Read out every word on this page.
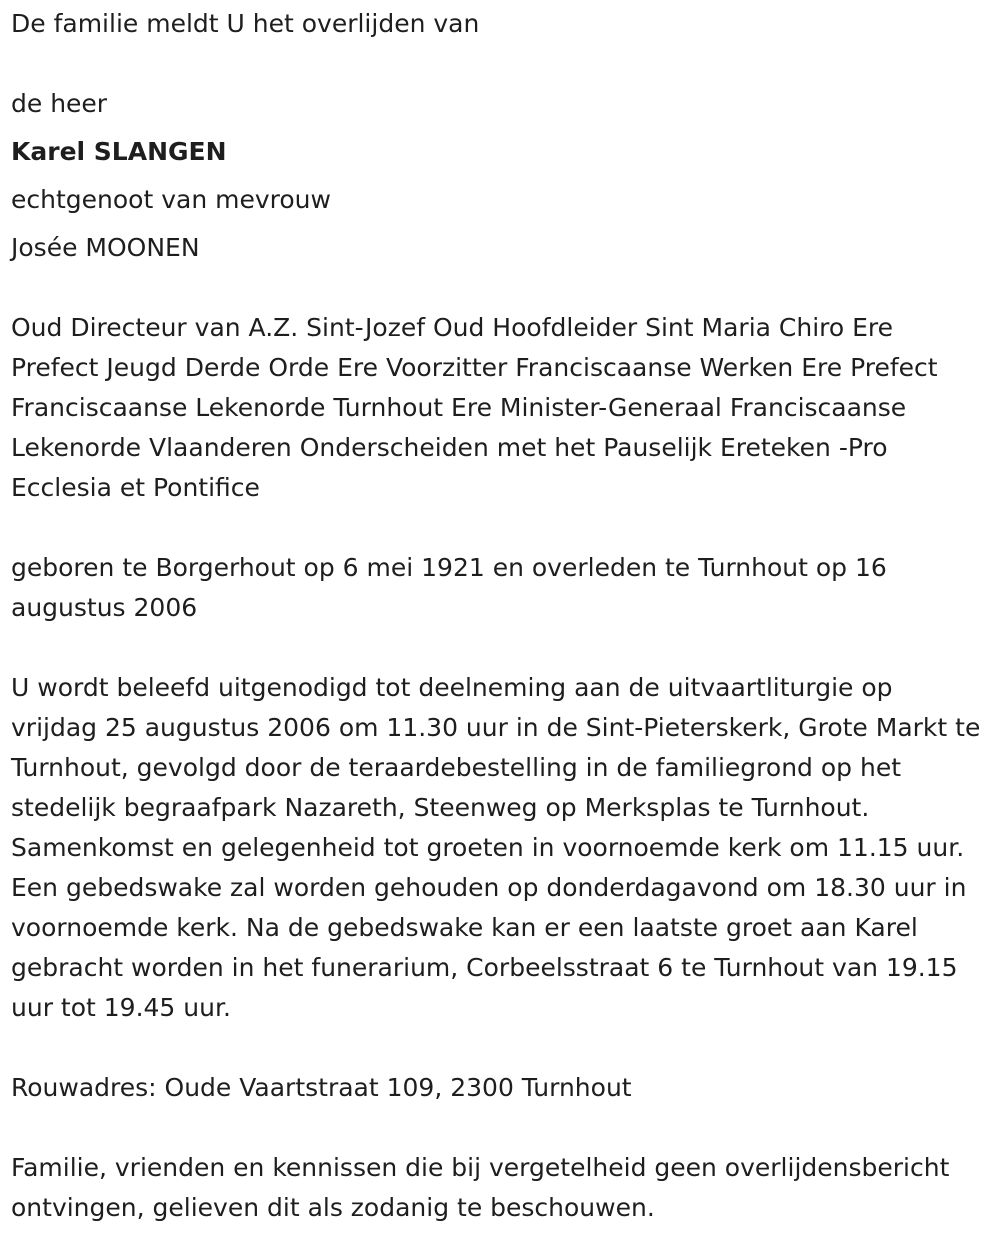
De familie meldt U het overlijden van
de heer
Karel SLANGEN
echtgenoot van mevrouw
Josée MOONEN
Oud Directeur van A.Z. Sint-Jozef Oud Hoofdleider Sint Maria Chiro Ere Prefect Jeugd Derde Orde Ere Voorzitter Franciscaanse Werken Ere Prefect Franciscaanse Lekenorde Turnhout Ere Minister-Generaal Franciscaanse Lekenorde Vlaanderen Onderscheiden met het Pauselijk Ereteken -Pro Ecclesia et Pontifice
geboren te Borgerhout op 6 mei 1921 en overleden te Turnhout op 16 augustus 2006
U wordt beleefd uitgenodigd tot deelneming aan de uitvaartliturgie op vrijdag 25 augustus 2006 om 11.30 uur in de Sint-Pieterskerk, Grote Markt te Turnhout, gevolgd door de teraardebestelling in de familiegrond op het stedelijk begraafpark Nazareth, Steenweg op Merksplas te Turnhout. Samenkomst en gelegenheid tot groeten in voornoemde kerk om 11.15 uur. Een gebedswake zal worden gehouden op donderdagavond om 18.30 uur in voornoemde kerk. Na de gebedswake kan er een laatste groet aan Karel gebracht worden in het funerarium, Corbeelsstraat 6 te Turnhout van 19.15 uur tot 19.45 uur.
Rouwadres: Oude Vaartstraat 109, 2300 Turnhout
Familie, vrienden en kennissen die bij vergetelheid geen overlijdensbericht ontvingen, gelieven dit als zodanig te beschouwen.
